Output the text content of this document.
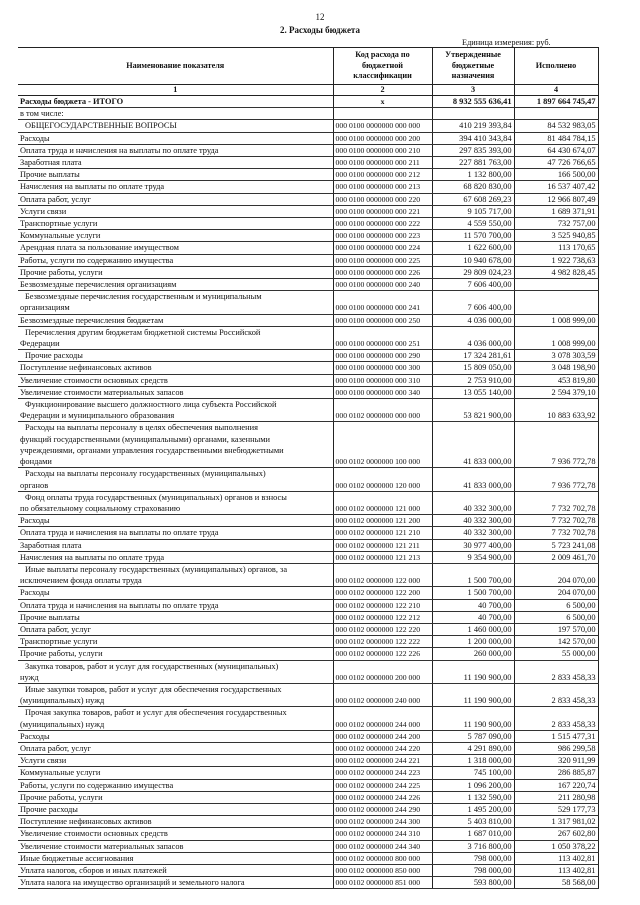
12
2. Расходы бюджета
Единица измерения: руб.
Наименование показателя	Код расхода по
бюджетной
классификации	Утвержденные
бюджетные
назначения	Исполнено
1	2	3	4
Расходы бюджета - ИТОГО	х	8 932 555 636,41	1 897 664 745,47
в том числе:			
ОБЩЕГОСУДАРСТВЕННЫЕ ВОПРОСЫ	000 0100 0000000 000 000	410 219 393,84	84 532 983,05
Расходы	000 0100 0000000 000 200	394 410 343,84	81 484 784,15
Оплата труда и начисления на выплаты по оплате труда	000 0100 0000000 000 210	297 835 393,00	64 430 674,07
Заработная плата	000 0100 0000000 000 211	227 881 763,00	47 726 766,65
Прочие выплаты	000 0100 0000000 000 212	1 132 800,00	166 500,00
Начисления на выплаты по оплате труда	000 0100 0000000 000 213	68 820 830,00	16 537 407,42
Оплата работ, услуг	000 0100 0000000 000 220	67 608 269,23	12 966 807,49
Услуги связи	000 0100 0000000 000 221	9 105 717,00	1 689 371,91
Транспортные услуги	000 0100 0000000 000 222	4 559 550,00	732 757,00
Коммунальные услуги	000 0100 0000000 000 223	11 570 700,00	3 525 940,85
Арендная плата за пользование имуществом	000 0100 0000000 000 224	1 622 600,00	113 170,65
Работы, услуги по содержанию имущества	000 0100 0000000 000 225	10 940 678,00	1 922 738,63
Прочие работы, услуги	000 0100 0000000 000 226	29 809 024,23	4 982 828,45
Безвозмездные перечисления организациям	000 0100 0000000 000 240	7 606 400,00	
Безвозмездные перечисления государственным и муниципальным
организациям	000 0100 0000000 000 241	7 606 400,00	
Безвозмездные перечисления бюджетам	000 0100 0000000 000 250	4 036 000,00	1 008 999,00
Перечисления другим бюджетам бюджетной системы Российской
Федерации	000 0100 0000000 000 251	4 036 000,00	1 008 999,00
Прочие расходы	000 0100 0000000 000 290	17 324 281,61	3 078 303,59
Поступление нефинансовых активов	000 0100 0000000 000 300	15 809 050,00	3 048 198,90
Увеличение стоимости основных средств	000 0100 0000000 000 310	2 753 910,00	453 819,80
Увеличение стоимости материальных запасов	000 0100 0000000 000 340	13 055 140,00	2 594 379,10
Функционирование высшего должностного лица субъекта Российской
Федерации и муниципального образования	000 0102 0000000 000 000	53 821 900,00	10 883 633,92
Расходы на выплаты персоналу в целях обеспечения выполнения
функций государственными (муниципальными) органами, казенными
учреждениями, органами управления государственными внебюджетными
фондами	000 0102 0000000 100 000	41 833 000,00	7 936 772,78
Расходы на выплаты персоналу государственных (муниципальных)
органов	000 0102 0000000 120 000	41 833 000,00	7 936 772,78
Фонд оплаты труда государственных (муниципальных) органов и взносы
по обязательному социальному страхованию	000 0102 0000000 121 000	40 332 300,00	7 732 702,78
Расходы	000 0102 0000000 121 200	40 332 300,00	7 732 702,78
Оплата труда и начисления на выплаты по оплате труда	000 0102 0000000 121 210	40 332 300,00	7 732 702,78
Заработная плата	000 0102 0000000 121 211	30 977 400,00	5 723 241,08
Начисления на выплаты по оплате труда	000 0102 0000000 121 213	9 354 900,00	2 009 461,70
Иные выплаты персоналу государственных (муниципальных) органов, за
исключением фонда оплаты труда	000 0102 0000000 122 000	1 500 700,00	204 070,00
Расходы	000 0102 0000000 122 200	1 500 700,00	204 070,00
Оплата труда и начисления на выплаты по оплате труда	000 0102 0000000 122 210	40 700,00	6 500,00
Прочие выплаты	000 0102 0000000 122 212	40 700,00	6 500,00
Оплата работ, услуг	000 0102 0000000 122 220	1 460 000,00	197 570,00
Транспортные услуги	000 0102 0000000 122 222	1 200 000,00	142 570,00
Прочие работы, услуги	000 0102 0000000 122 226	260 000,00	55 000,00
Закупка товаров, работ и услуг для государственных (муниципальных)
нужд	000 0102 0000000 200 000	11 190 900,00	2 833 458,33
Иные закупки товаров, работ и услуг для обеспечения государственных
(муниципальных) нужд	000 0102 0000000 240 000	11 190 900,00	2 833 458,33
Прочая закупка товаров, работ и услуг для обеспечения государственных
(муниципальных) нужд	000 0102 0000000 244 000	11 190 900,00	2 833 458,33
Расходы	000 0102 0000000 244 200	5 787 090,00	1 515 477,31
Оплата работ, услуг	000 0102 0000000 244 220	4 291 890,00	986 299,58
Услуги связи	000 0102 0000000 244 221	1 318 000,00	320 911,99
Коммунальные услуги	000 0102 0000000 244 223	745 100,00	286 885,87
Работы, услуги по содержанию имущества	000 0102 0000000 244 225	1 096 200,00	167 220,74
Прочие работы, услуги	000 0102 0000000 244 226	1 132 590,00	211 280,98
Прочие расходы	000 0102 0000000 244 290	1 495 200,00	529 177,73
Поступление нефинансовых активов	000 0102 0000000 244 300	5 403 810,00	1 317 981,02
Увеличение стоимости основных средств	000 0102 0000000 244 310	1 687 010,00	267 602,80
Увеличение стоимости материальных запасов	000 0102 0000000 244 340	3 716 800,00	1 050 378,22
Иные бюджетные ассигнования	000 0102 0000000 800 000	798 000,00	113 402,81
Уплата налогов, сборов и иных платежей	000 0102 0000000 850 000	798 000,00	113 402,81
Уплата налога на имущество организаций и земельного налога	000 0102 0000000 851 000	593 800,00	58 568,00
